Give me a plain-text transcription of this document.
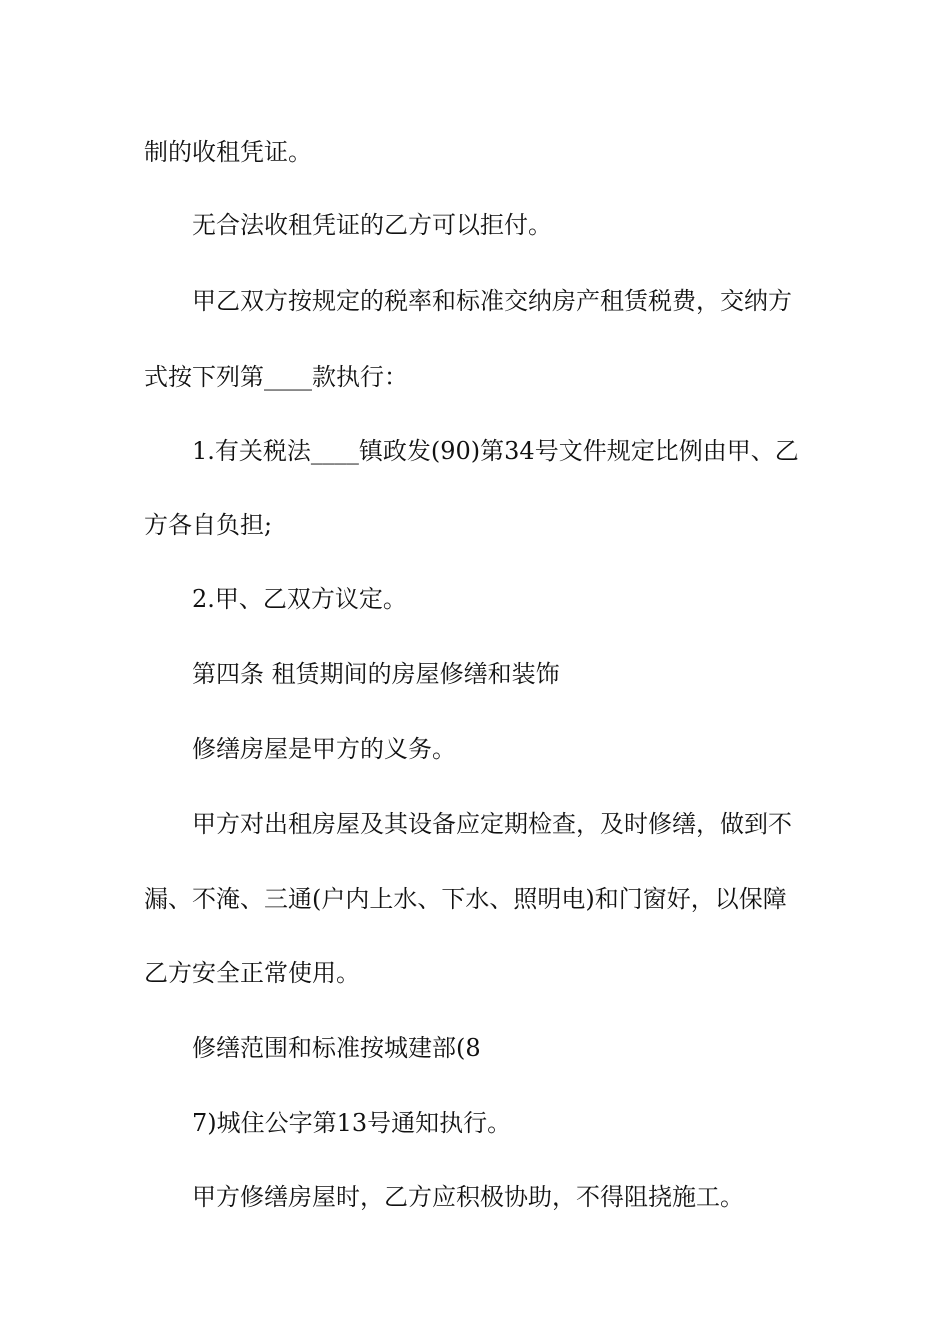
制的收租凭证。
无合法收租凭证的乙方可以拒付。
甲乙双方按规定的税率和标准交纳房产租赁税费，交纳方
式按下列第____款执行：
1.有关税法____镇政发(90)第34号文件规定比例由甲、乙
方各自负担;
2.甲、乙双方议定。
第四条 租赁期间的房屋修缮和装饰
修缮房屋是甲方的义务。
甲方对出租房屋及其设备应定期检查，及时修缮，做到不
漏、不淹、三通(户内上水、下水、照明电)和门窗好，以保障
乙方安全正常使用。
修缮范围和标准按城建部(8
7)城住公字第13号通知执行。
甲方修缮房屋时，乙方应积极协助，不得阻挠施工。
